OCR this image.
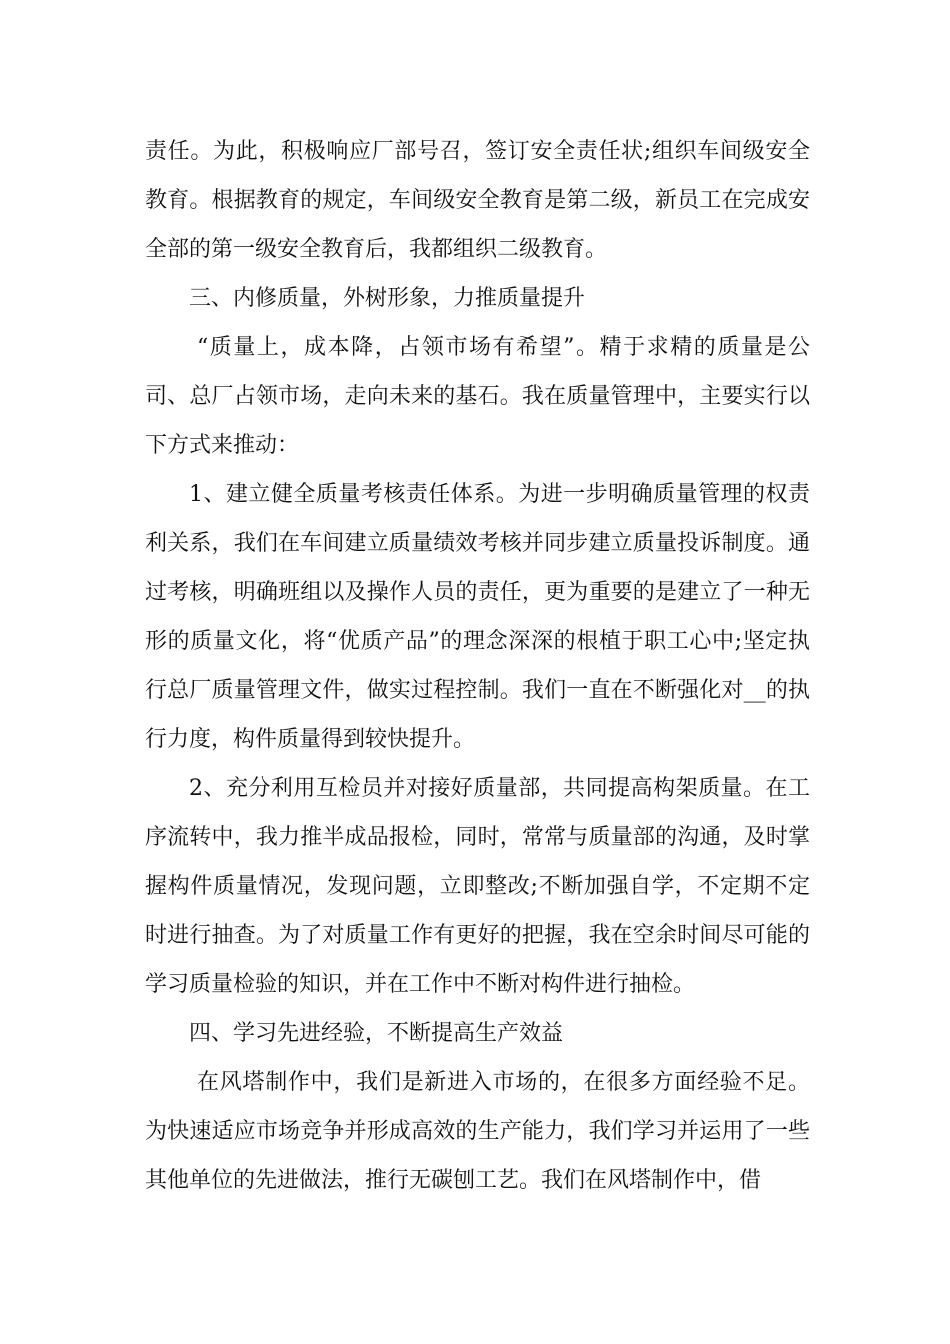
责任。为此，积极响应厂部号召，签订安全责任状;组织车间级安全教育。根据教育的规定，车间级安全教育是第二级，新员工在完成安全部的第一级安全教育后，我都组织二级教育。

三、内修质量，外树形象，力推质量提升

“质量上，成本降，占领市场有希望”。精于求精的质量是公司、总厂占领市场，走向未来的基石。我在质量管理中，主要实行以下方式来推动：

1、建立健全质量考核责任体系。为进一步明确质量管理的权责利关系，我们在车间建立质量绩效考核并同步建立质量投诉制度。通过考核，明确班组以及操作人员的责任，更为重要的是建立了一种无形的质量文化，将“优质产品”的理念深深的根植于职工心中;坚定执行总厂质量管理文件，做实过程控制。我们一直在不断强化对__的执行力度，构件质量得到较快提升。

2、充分利用互检员并对接好质量部，共同提高构架质量。在工序流转中，我力推半成品报检，同时，常常与质量部的沟通，及时掌握构件质量情况，发现问题，立即整改;不断加强自学，不定期不定时进行抽查。为了对质量工作有更好的把握，我在空余时间尽可能的学习质量检验的知识，并在工作中不断对构件进行抽检。

四、学习先进经验，不断提高生产效益

在风塔制作中，我们是新进入市场的，在很多方面经验不足。为快速适应市场竞争并形成高效的生产能力，我们学习并运用了一些其他单位的先进做法，推行无碳刨工艺。我们在风塔制作中，借
